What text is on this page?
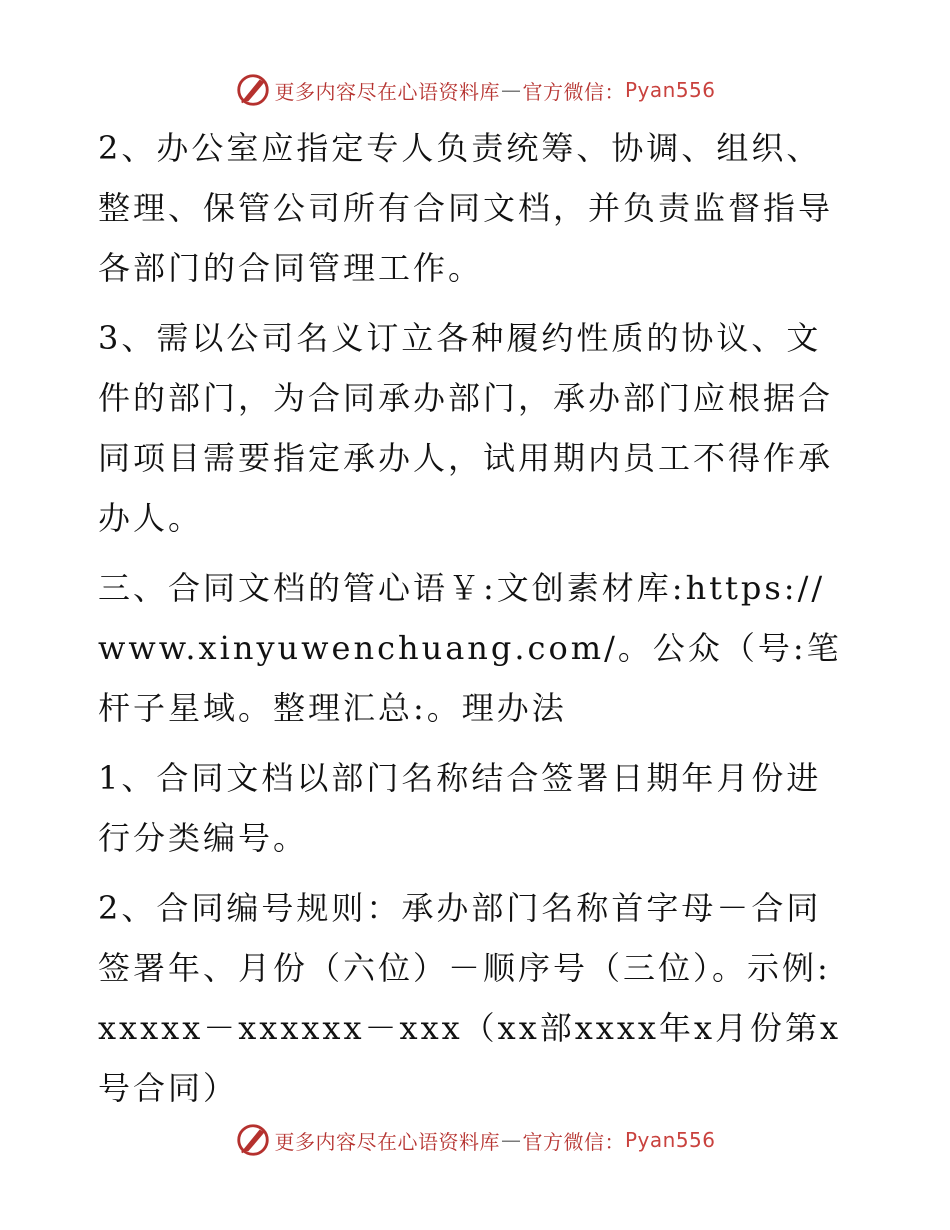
更多内容尽在心语资料库 — 官方微信： Pyan556

2、办公室应指定专人负责统筹、协调、组织、整理、保管公司所有合同文档，并负责监督指导各部门的合同管理工作。

3、需以公司名义订立各种履约性质的协议、文件的部门，为合同承办部门，承办部门应根据合同项目需要指定承办人，试用期内员工不得作承办人。

三、合同文档的管心语￥:文创素材库:https://www.xinyuwenchuang.com/。公众（号:笔杆子星域。整理汇总:。理办法

1、合同文档以部门名称结合签署日期年月份进行分类编号。

2、合同编号规则：承办部门名称首字母－合同签署年、月份（六位）－顺序号（三位）。示例:xxxxx－xxxxxx－xxx（xx部xxxx年x月份第x号合同）

更多内容尽在心语资料库 — 官方微信： Pyan556
